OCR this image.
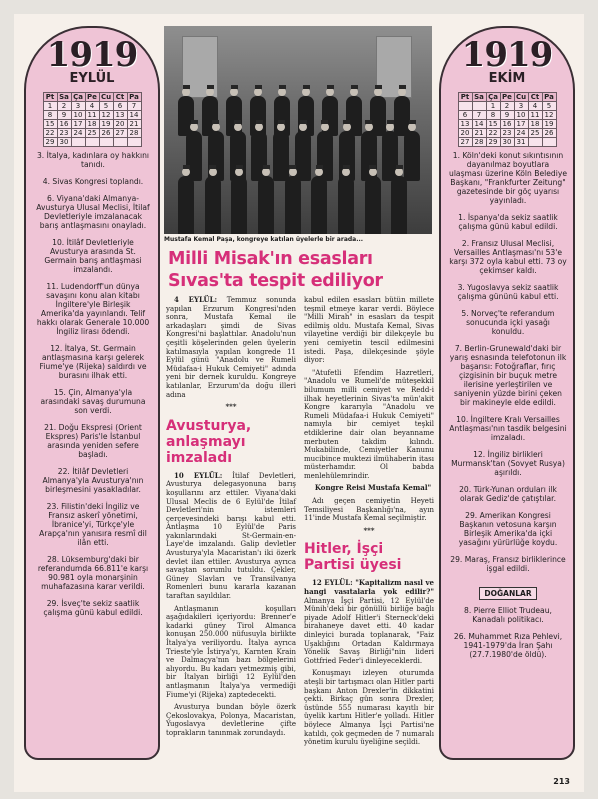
1919
EYLÜL
Pt	Sa	Ça	Pe	Cu	Ct	Pa
1	2	3	4	5	6	7
8	9	10	11	12	13	14
15	16	17	18	19	20	21
22	23	24	25	26	27	28
29	30					
3. İtalya, kadınlara oy hakkını tanıdı.
4. Sivas Kongresi toplandı.
6. Viyana'daki Almanya-Avusturya Ulusal Meclisi, İtilaf Devletleriyle imzalanacak barış antlaşmasını onayladı.
10. İtilâf Devletleriyle Avusturya arasında St. Germain barış antlaşmasi imzalandı.
11. Ludendorff'un dünya savaşını konu alan kitabı İngiltere'yle Birleşik Amerika'da yayınlandı. Telif hakkı olarak Generale 10.000 İngiliz lirası ödendi.
12. İtalya, St. Germain antlaşmasına karşı gelerek Fiume'ye (Rijeka) saldırdı ve burasını ilhak etti.
15. Çin, Almanya'yla arasındaki savaş durumuna son verdi.
21. Doğu Ekspresi (Orient Ekspres) Paris'le İstanbul arasında yeniden sefere başladı.
22. İtilâf Devletleri Almanya'yla Avusturya'nın birleşmesini yasakladılar.
23. Filistin'deki İngiliz ve Fransız askerî yönetimi, İbranice'yi, Türkçe'yle Arapça'nın yanısıra resmî dil ilân etti.
28. Lüksemburg'daki bir referandumda 66.811'e karşı 90.981 oyla monarşinin muhafazasına karar verildi.
29. İsveç'te sekiz saatlik çalışma günü kabul edildi.
Mustafa Kemal Paşa, kongreye katılan üyelerle bir arada...
Milli Misak'ın esasları
Sıvas'ta tespit ediliyor

4 EYLÜL: Temmuz sonunda yapılan Erzurum Kongresi'nden sonra, Mustafa Kemal ile arkadaşları şimdi de Sivas Kongresi'ni başlattılar. Anadolu'nun çeşitli köşelerinden gelen üyelerin katılmasıyla yapılan kongrede 11 Eylül günü "Anadolu ve Rumeli Müdafaa-i Hukuk Cemiyeti" adında yeni bir dernek kuruldu. Kongreye katılanlar, Erzurum'da doğu illeri adına

***
Avusturya, anlaşmayı imzaladı

10 EYLÜL: İtilaf Devletleri, Avusturya delegasyonuna barış koşullarını arz ettiler. Viyana'daki Ulusal Meclis de 6 Eylül'de İtilaf Devletleri'nin istemleri çerçevesindeki barışı kabul etti. Antlaşma 10 Eylül'de Paris yakınlarındaki St-Germain-en-Laye'de imzalandı. Galip devletler Avusturya'yla Macaristan'ı iki özerk devlet ilan ettiler. Avusturya ayrıca savaştan sorumlu tutuldu. Çekler, Güney Slavları ve Transilvanya Romenleri bunu kararla kazanan taraftan sayıldılar.

Antlaşmanın koşulları aşağıdakileri içeriyordu: Brenner'e kadarki güney Tirol Almanca konuşan 250.000 nüfusuyla birlikte İtalya'ya veriliyordu. İtalya ayrıca Trieste'yle İstirya'yı, Karnten Krain ve Dalmaçya'nın bazı bölgelerini alıyordu. Bu kadarı yetmezmiş gibi, bir İtalyan birliği 12 Eylül'den antlaşmanın İtalya'ya vermediği Fiume'yi (Rijeka) zaptedecekti.

Avusturya bundan böyle özerk Çekoslovakya, Polonya, Macaristan, Yugoslavya devletlerine çifte toprakların tanınmak zorundaydı.

kabul edilen esasları bütün millete teşmil etmeye karar verdi. Böylece "Milli Mirah" in esasları da tespit edilmiş oldu. Mustafa Kemal, Sivas vilayetine verdiği bir dilekçeyle bu yeni cemiyetin tescil edilmesini istedi. Paşa, dilekçesinde şöyle diyor:

"Atufetli Efendim Hazretleri, "Anadolu ve Rumeli'de müteşekkil bilumum milli cemiyet ve Redd-i ilhak heyetlerinin Sivas'ta mün'akit Kongre kararıyla "Anadolu ve Rumeli Müdafaa-i Hukuk Cemiyeti" namıyla bir cemiyet teşkil etdiklerine dair olan beyanname merbuten takdim kılındı. Mukabilinde, Cemiyetler Kanunu mucibince muktezi ilmühaberin itası müsterhamdır. Ol babda menlehülemrindir.

Kongre Reisi Mustafa Kemal"

Adı geçen cemiyetin Heyeti Temsiliyesi Başkanlığı'na, ayın 11'inde Mustafa Kemal seçilmiştir.

***
Hitler, İşçi Partisi üyesi

12 EYLÜL: "Kapitalizm nasıl ve hangi vasıtalarla yok edilir?" Almanya İşçi Partisi, 12 Eylül'de Münih'deki bir gönüllü birliğe bağlı piyade Adolf Hitler'i Sterneck'deki birahaneye davet etti. 40 kadar dinleyici burada toplanarak, "Faiz Uşaklığını Ortadan Kaldırmaya Yönelik Savaş Birliği"nin lideri Gottfried Feder'i dinleyeceklerdi.

Konuşmayı izleyen oturumda ateşli bir tartışmacı olan Hitler parti başkanı Anton Drexler'in dikkatini çekti. Birkaç gün sonra Drexler, üstünde 555 numarası kayıtlı bir üyelik kartını Hitler'e yolladı. Hitler böylece Almanya İşçi Partisi'ne katıldı, çok geçmeden de 7 numaralı yönetim kurulu üyeliğine seçildi.

1919
EKİM
Pt	Sa	Ça	Pe	Cu	Ct	Pa
		1	2	3	4	5
6	7	8	9	10	11	12
13	14	15	16	17	18	19
20	21	22	23	24	25	26
27	28	29	30	31		
1. Köln'deki konut sıkıntısının dayanılmaz boyutlara ulaşması üzerine Köln Belediye Başkanı, "Frankfurter Zeitung" gazetesinde bir göç uyarısı yayınladı.
1. İspanya'da sekiz saatlik çalışma günü kabul edildi.
2. Fransız Ulusal Meclisi, Versailles Antlaşması'nı 53'e karşı 372 oyla kabul etti. 73 oy çekimser kaldı.
3. Yugoslavya sekiz saatlik çalışma gününü kabul etti.
5. Norveç'te referandum sonucunda içki yasağı konuldu.
7. Berlin-Grunewald'daki bir yarış esnasında telefotonun ilk başarısı: Fotoğraflar, fırıç çizgisinin bir buçuk metre ilerisine yerleştirilen ve saniyenin yüzde birini çeken bir makineyle elde edildi.
10. İngiltere Kralı Versailles Antlaşması'nın tasdik belgesini imzaladı.
12. İngiliz birlikleri Murmansk'tan (Sovyet Rusya) aşırıldı.
20. Türk-Yunan orduları ilk olarak Gediz'de çatıştılar.
29. Amerikan Kongresi Başkanın vetosuna karşın Birleşik Amerika'da içki yasağını yürürlüğe koydu.
29. Maraş, Fransız birliklerince işgal edildi.
DOĞANLAR
8. Pierre Elliot Trudeau, Kanadalı politikacı.
26. Muhammet Rıza Pehlevi, 1941-1979'da İran Şahı (27.7.1980'de öldü).
213
